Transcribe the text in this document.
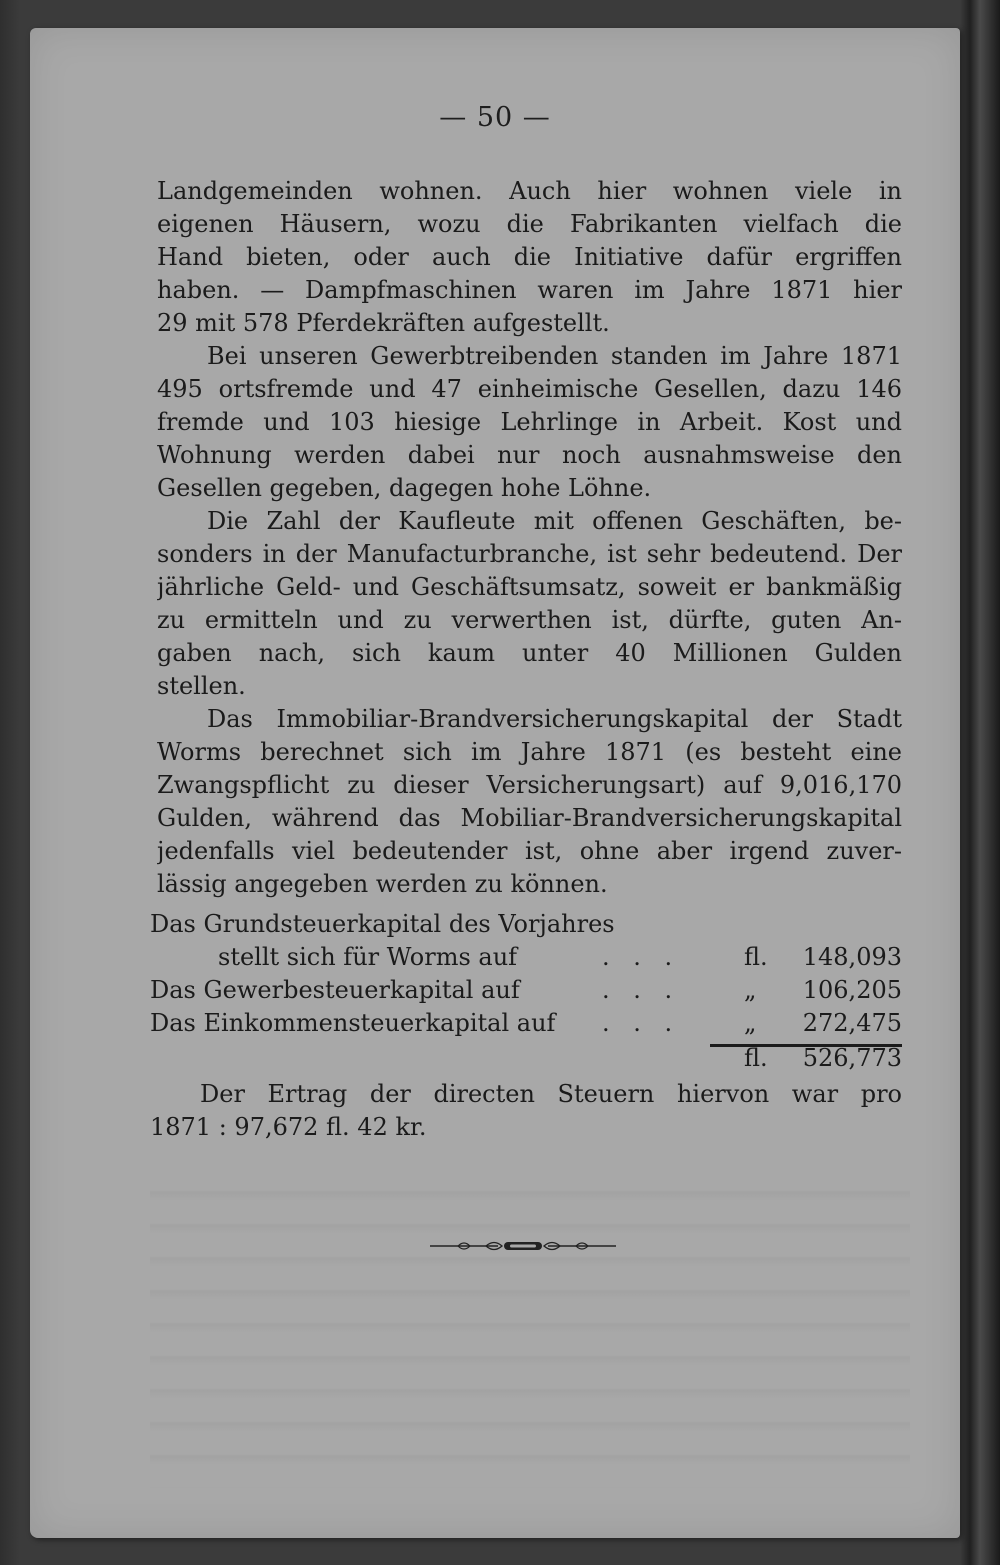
— 50 —

Landgemeinden wohnen. Auch hier wohnen viele in
eigenen Häusern, wozu die Fabrikanten vielfach die
Hand bieten, oder auch die Initiative dafür ergriffen
haben. — Dampfmaschinen waren im Jahre 1871 hier
29 mit 578 Pferdekräften aufgestellt.

Bei unseren Gewerbtreibenden standen im Jahre 1871
495 ortsfremde und 47 einheimische Gesellen, dazu 146
fremde und 103 hiesige Lehrlinge in Arbeit. Kost und
Wohnung werden dabei nur noch ausnahmsweise den
Gesellen gegeben, dagegen hohe Löhne.

Die Zahl der Kaufleute mit offenen Geschäften, be-
sonders in der Manufacturbranche, ist sehr bedeutend. Der
jährliche Geld- und Geschäftsumsatz, soweit er bankmäßig
zu ermitteln und zu verwerthen ist, dürfte, guten An-
gaben nach, sich kaum unter 40 Millionen Gulden
stellen.

Das Immobiliar-Brandversicherungskapital der Stadt
Worms berechnet sich im Jahre 1871 (es besteht eine
Zwangspflicht zu dieser Versicherungsart) auf 9,016,170
Gulden, während das Mobiliar-Brandversicherungskapital
jedenfalls viel bedeutender ist, ohne aber irgend zuver-
lässig angegeben werden zu können.

Das Grundsteuerkapital des Vorjahres
stellt sich für Worms auf	. . .	fl. 148,093
Das Gewerbesteuerkapital auf	. . .	„ 106,205
Das Einkommensteuerkapital auf . . .	„ 272,475
fl. 526,773

Der Ertrag der directen Steuern hiervon war pro
1871 : 97,672 fl. 42 kr.
